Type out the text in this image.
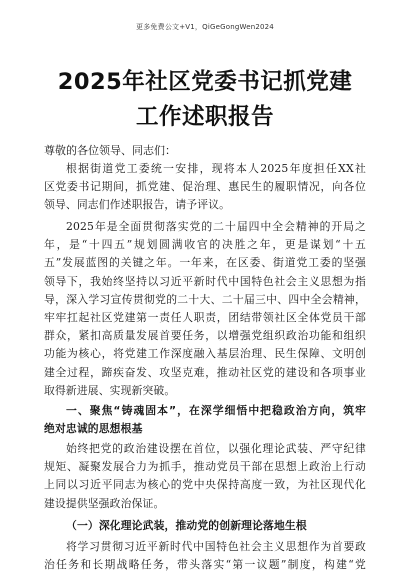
更多免费公文+V1，QiGeGongWen2024
2025年社区党委书记抓党建
工作述职报告
尊敬的各位领导、同志们：
根据街道党工委统一安排，现将本人2025年度担任XX社
区党委书记期间，抓党建、促治理、惠民生的履职情况，向各位
领导、同志们作述职报告，请予评议。
2025年是全面贯彻落实党的二十届四中全会精神的开局之
年，是“十四五”规划圆满收官的决胜之年，更是谋划“十五
五”发展蓝图的关键之年。一年来，在区委、街道党工委的坚强
领导下，我始终坚持以习近平新时代中国特色社会主义思想为指
导，深入学习宣传贯彻党的二十大、二十届三中、四中全会精神，
牢牢扛起社区党建第一责任人职责，团结带领社区全体党员干部
群众，紧扣高质量发展首要任务，以增强党组织政治功能和组织
功能为核心，将党建工作深度融入基层治理、民生保障、文明创
建全过程，蹄疾奋发、攻坚克难，推动社区党的建设和各项事业
取得新进展、实现新突破。
一、聚焦“铸魂固本”，在深学细悟中把稳政治方向，筑牢
绝对忠诚的思想根基
始终把党的政治建设摆在首位，以强化理论武装、严守纪律
规矩、凝聚发展合力为抓手，推动党员干部在思想上政治上行动
上同以习近平同志为核心的党中央保持高度一致，为社区现代化
建设提供坚强政治保证。
（一）深化理论武装，推动党的创新理论落地生根
将学习贯彻习近平新时代中国特色社会主义思想作为首要政
治任务和长期战略任务，带头落实“第一议题”制度，构建“党
